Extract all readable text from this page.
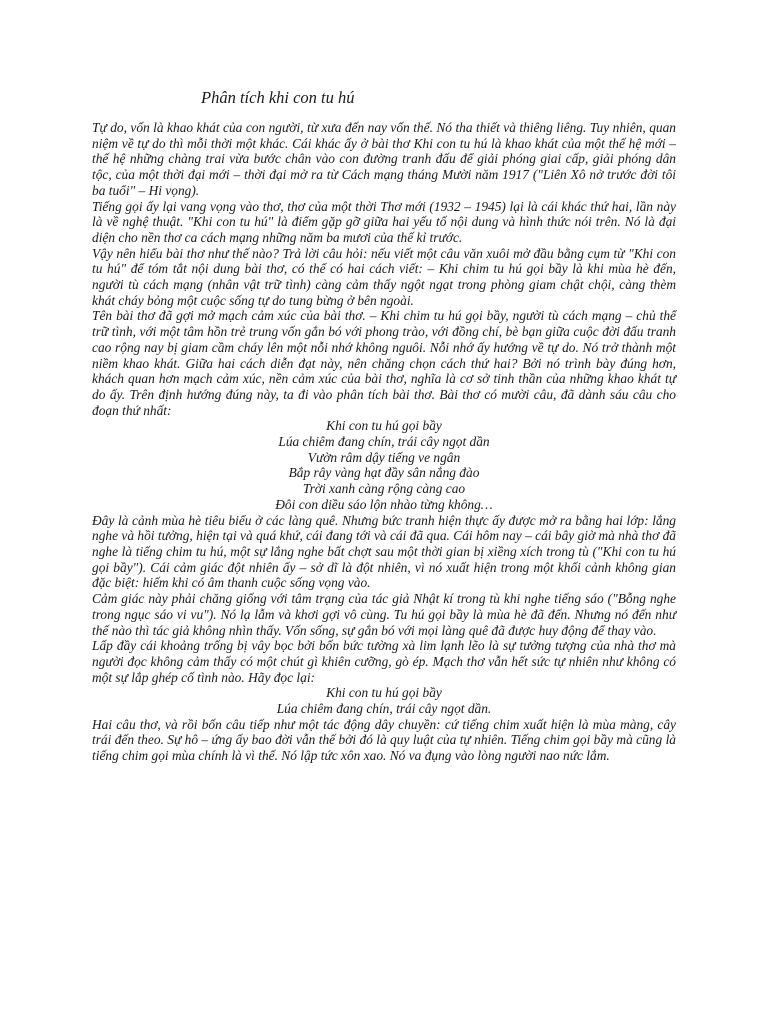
Phân tích khi con tu hú

Tự do, vốn là khao khát của con người, từ xưa đến nay vốn thế. Nó tha thiết và thiêng liêng. Tuy nhiên, quan niệm về tự do thì mỗi thời một khác. Cái khác ấy ở bài thơ Khi con tu hú là khao khát của một thế hệ mới – thế hệ những chàng trai vừa bước chân vào con đường tranh đấu để giải phóng giai cấp, giải phóng dân tộc, của một thời đại mới – thời đại mở ra từ Cách mạng tháng Mười năm 1917 ("Liên Xô nở trước đời tôi ba tuổi" – Hi vọng).

Tiếng gọi ấy lại vang vọng vào thơ, thơ của một thời Thơ mới (1932 – 1945) lại là cái khác thứ hai, lần này là về nghệ thuật. "Khi con tu hú" là điểm gặp gỡ giữa hai yếu tố nội dung và hình thức nói trên. Nó là đại diện cho nền thơ ca cách mạng những năm ba mươi của thế kỉ trước.

Vậy nên hiểu bài thơ như thế nào? Trả lời câu hỏi: nếu viết một câu văn xuôi mở đầu bằng cụm từ "Khi con tu hú" để tóm tắt nội dung bài thơ, có thể có hai cách viết: – Khi chim tu hú gọi bầy là khi mùa hè đến, người tù cách mạng (nhân vật trữ tình) càng cảm thấy ngột ngạt trong phòng giam chật chội, càng thèm khát cháy bỏng một cuộc sống tự do tung bừng ở bên ngoài.

Tên bài thơ đã gợi mở mạch cảm xúc của bài thơ. – Khi chim tu hú gọi bầy, người tù cách mạng – chủ thể trữ tình, với một tâm hồn trẻ trung vốn gắn bó với phong trào, với đồng chí, bè bạn giữa cuộc đời đấu tranh cao rộng nay bị giam cầm cháy lên một nỗi nhớ không nguôi. Nỗi nhớ ấy hướng về tự do. Nó trở thành một niềm khao khát. Giữa hai cách diễn đạt này, nên chăng chọn cách thứ hai? Bởi nó trình bày đúng hơn, khách quan hơn mạch cảm xúc, nền cảm xúc của bài thơ, nghĩa là cơ sở tinh thần của những khao khát tự do ấy. Trên định hướng đúng này, ta đi vào phân tích bài thơ. Bài thơ có mười câu, đã dành sáu câu cho đoạn thứ nhất:

Khi con tu hú gọi bầy

Lúa chiêm đang chín, trái cây ngọt dần

Vườn râm dậy tiếng ve ngân

Bắp rây vàng hạt đầy sân nắng đào

Trời xanh càng rộng càng cao

Đôi con diều sáo lộn nhào từng không…

Đây là cảnh mùa hè tiêu biểu ở các làng quê. Nhưng bức tranh hiện thực ấy được mở ra bằng hai lớp: lắng nghe và hồi tưởng, hiện tại và quá khứ, cái đang tới và cái đã qua. Cái hôm nay – cái bây giờ mà nhà thơ đã nghe là tiếng chim tu hú, một sự lắng nghe bất chợt sau một thời gian bị xiềng xích trong tù ("Khi con tu hú gọi bầy"). Cái cảm giác đột nhiên ấy – sở dĩ là đột nhiên, vì nó xuất hiện trong một khối cảnh không gian đặc biệt: hiếm khi có âm thanh cuộc sống vọng vào.

Cảm giác này phải chăng giống với tâm trạng của tác giả Nhật kí trong tù khi nghe tiếng sáo ("Bỗng nghe trong ngục sáo vi vu"). Nó lạ lẫm và khơi gợi vô cùng. Tu hú gọi bầy là mùa hè đã đến. Nhưng nó đến như thế nào thì tác giả không nhìn thấy. Vốn sống, sự gắn bó với mọi làng quê đã được huy động để thay vào.

Lấp đầy cái khoảng trống bị vây bọc bởi bốn bức tường xà lim lạnh lẽo là sự tưởng tượng của nhà thơ mà người đọc không cảm thấy có một chút gì khiên cưỡng, gò ép. Mạch thơ vẫn hết sức tự nhiên như không có một sự lắp ghép cố tình nào. Hãy đọc lại:

Khi con tu hú gọi bầy

Lúa chiêm đang chín, trái cây ngọt dần.

Hai câu thơ, và rồi bốn câu tiếp như một tác động dây chuyền: cứ tiếng chim xuất hiện là mùa màng, cây trái đến theo. Sự hô – ứng ấy bao đời vẫn thế bởi đó là quy luật của tự nhiên. Tiếng chim gọi bầy mà cũng là tiếng chim gọi mùa chính là vì thế. Nó lập tức xôn xao. Nó va đụng vào lòng người nao nức lắm.
